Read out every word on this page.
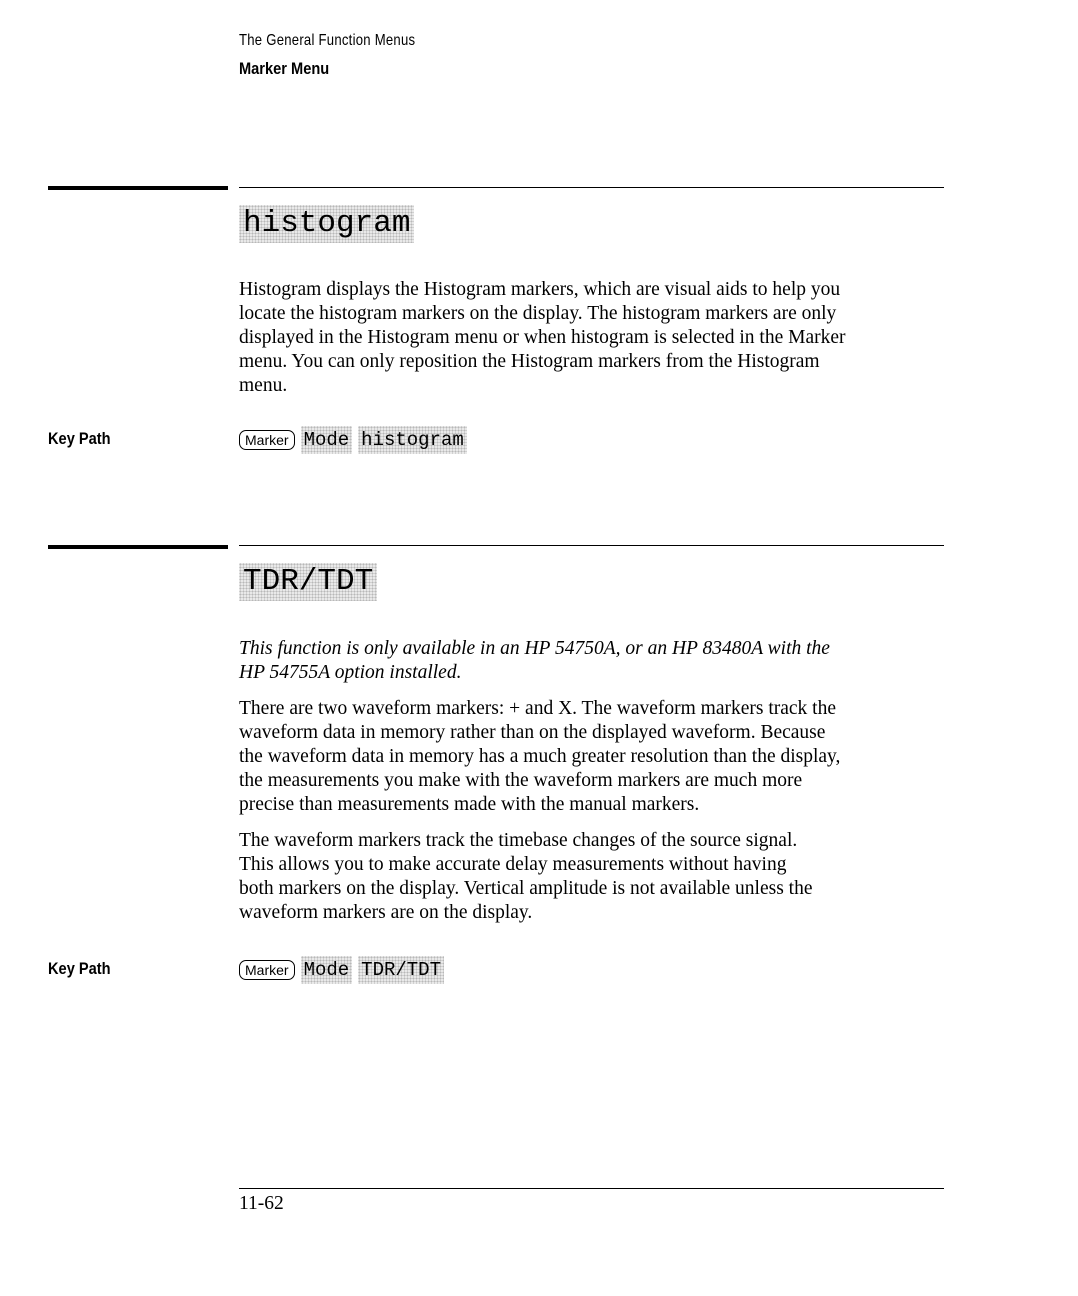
The General Function Menus
Marker Menu
histogram
Histogram displays the Histogram markers, which are visual aids to help you
locate the histogram markers on the display. The histogram markers are only
displayed in the Histogram menu or when histogram is selected in the Marker
menu. You can only reposition the Histogram markers from the Histogram
menu.
Key Path	Marker Mode histogram
TDR/TDT
This function is only available in an HP 54750A, or an HP 83480A with the
HP 54755A option installed.
There are two waveform markers: + and X. The waveform markers track the
waveform data in memory rather than on the displayed waveform. Because
the waveform data in memory has a much greater resolution than the display,
the measurements you make with the waveform markers are much more
precise than measurements made with the manual markers.
The waveform markers track the timebase changes of the source signal.
This allows you to make accurate delay measurements without having
both markers on the display. Vertical amplitude is not available unless the
waveform markers are on the display.
Key Path	Marker Mode TDR/TDT
11-62
